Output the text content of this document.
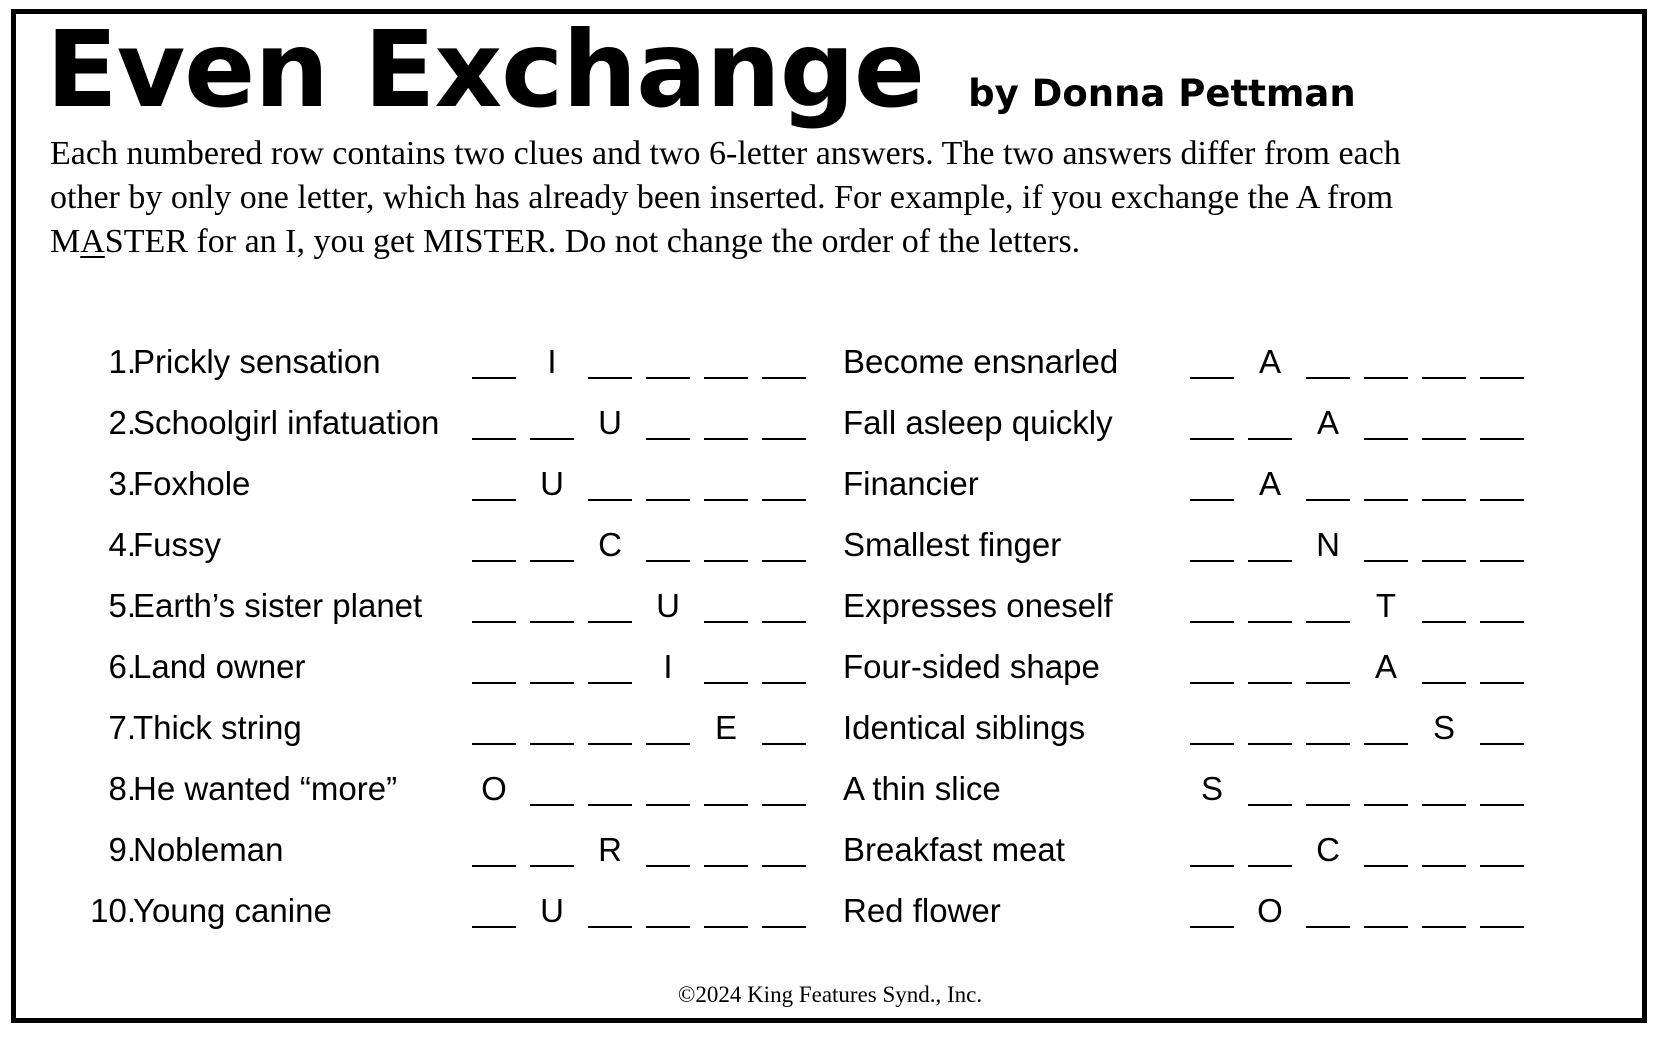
Even Exchange by Donna Pettman
Each numbered row contains two clues and two 6-letter answers. The two answers differ from each
other by only one letter, which has already been inserted. For example, if you exchange the A from
MASTER for an I, you get MISTER. Do not change the order of the letters.
1.
Prickly sensation	I	Become ensnarled	A
2.
Schoolgirl infatuation	U	Fall asleep quickly	A
3.
Foxhole	U	Financier	A
4.
Fussy	C	Smallest finger	N
5.
Earth’s sister planet	U	Expresses oneself	T
6.
Land owner	I	Four-sided shape	A
7.
Thick string	E	Identical siblings	S
8.
He wanted “more”	O	A thin slice	S
9.
Nobleman	R	Breakfast meat	C
10.
Young canine	U	Red flower	O
©2024 King Features Synd., Inc.
